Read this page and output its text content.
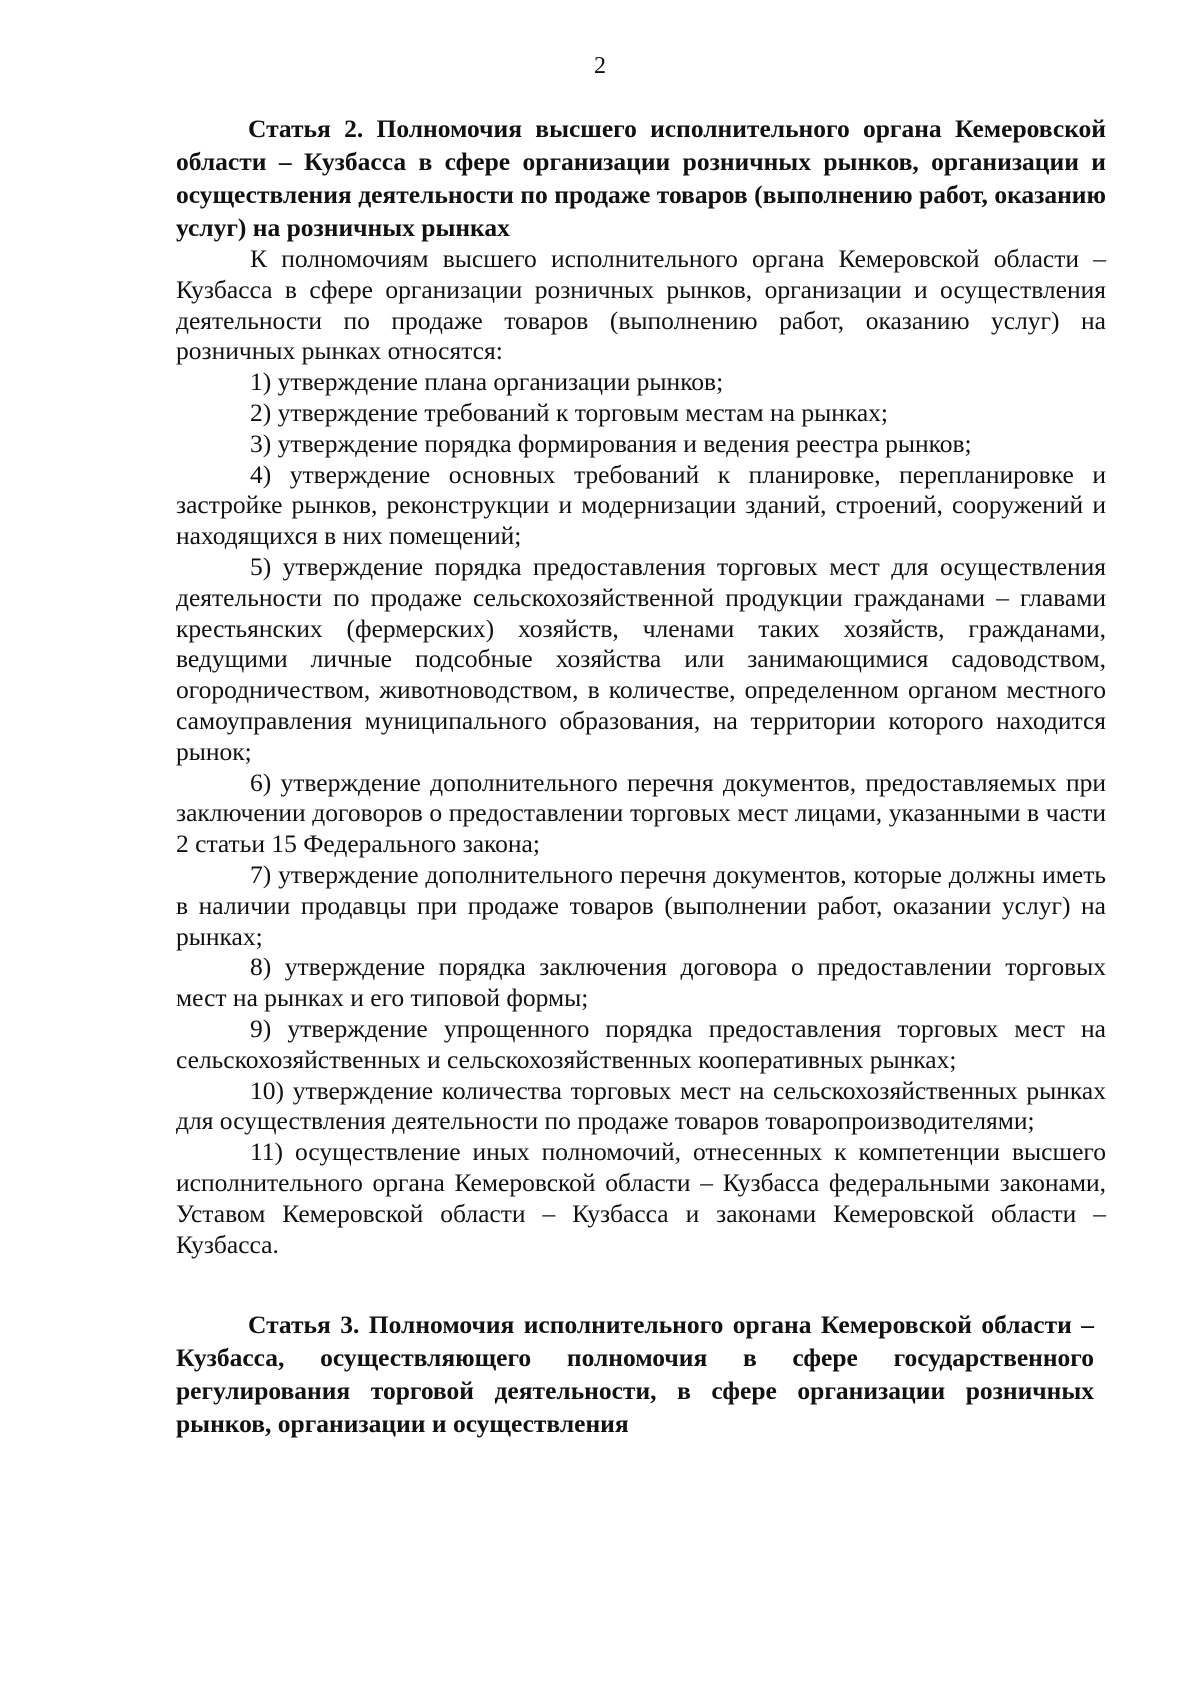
2

Статья 2. Полномочия высшего исполнительного органа Кемеровской области – Кузбасса в сфере организации розничных рынков, организации и осуществления деятельности по продаже товаров (выполнению работ, оказанию услуг) на розничных рынках

К полномочиям высшего исполнительного органа Кемеровской области – Кузбасса в сфере организации розничных рынков, организации и осуществления деятельности по продаже товаров (выполнению работ, оказанию услуг) на розничных рынках относятся:

1) утверждение плана организации рынков;

2) утверждение требований к торговым местам на рынках;

3) утверждение порядка формирования и ведения реестра рынков;

4) утверждение основных требований к планировке, перепланировке и застройке рынков, реконструкции и модернизации зданий, строений, сооружений и находящихся в них помещений;

5) утверждение порядка предоставления торговых мест для осуществления деятельности по продаже сельскохозяйственной продукции гражданами – главами крестьянских (фермерских) хозяйств, членами таких хозяйств, гражданами, ведущими личные подсобные хозяйства или занимающимися садоводством, огородничеством, животноводством, в количестве, определенном органом местного самоуправления муниципального образования, на территории которого находится рынок;

6) утверждение дополнительного перечня документов, предоставляемых при заключении договоров о предоставлении торговых мест лицами, указанными в части 2 статьи 15 Федерального закона;

7) утверждение дополнительного перечня документов, которые должны иметь в наличии продавцы при продаже товаров (выполнении работ, оказании услуг) на рынках;

8) утверждение порядка заключения договора о предоставлении торговых мест на рынках и его типовой формы;

9) утверждение упрощенного порядка предоставления торговых мест на сельскохозяйственных и сельскохозяйственных кооперативных рынках;

10) утверждение количества торговых мест на сельскохозяйственных рынках для осуществления деятельности по продаже товаров товаропроизводителями;

11) осуществление иных полномочий, отнесенных к компетенции высшего исполнительного органа Кемеровской области – Кузбасса федеральными законами, Уставом Кемеровской области – Кузбасса и законами Кемеровской области – Кузбасса.

Статья 3. Полномочия исполнительного органа Кемеровской области – Кузбасса, осуществляющего полномочия в сфере государственного регулирования торговой деятельности, в сфере организации розничных рынков, организации и осуществления
